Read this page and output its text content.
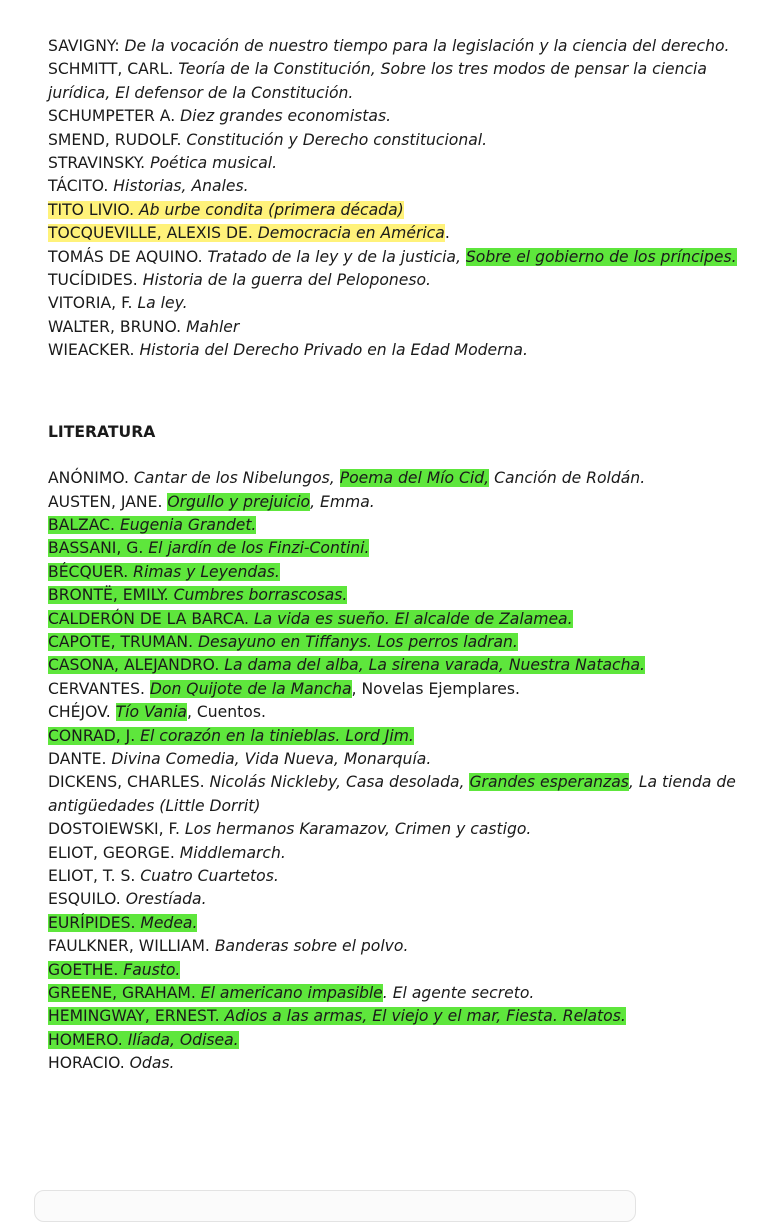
SAVIGNY: De la vocación de nuestro tiempo para la legislación y la ciencia del derecho.

SCHMITT, CARL. Teoría de la Constitución, Sobre los tres modos de pensar la ciencia jurídica, El defensor de la Constitución.

SCHUMPETER A. Diez grandes economistas.

SMEND, RUDOLF. Constitución y Derecho constitucional.

STRAVINSKY. Poética musical.

TÁCITO. Historias, Anales.

TITO LIVIO. Ab urbe condita (primera década)

TOCQUEVILLE, ALEXIS DE. Democracia en América.

TOMÁS DE AQUINO. Tratado de la ley y de la justicia, Sobre el gobierno de los príncipes.

TUCÍDIDES. Historia de la guerra del Peloponeso.

VITORIA, F. La ley.

WALTER, BRUNO. Mahler

WIEACKER. Historia del Derecho Privado en la Edad Moderna.

LITERATURA

ANÓNIMO. Cantar de los Nibelungos, Poema del Mío Cid, Canción de Roldán.

AUSTEN, JANE. Orgullo y prejuicio, Emma.

BALZAC. Eugenia Grandet.

BASSANI, G. El jardín de los Finzi-Contini.

BÉCQUER. Rimas y Leyendas.

BRONTË, EMILY. Cumbres borrascosas.

CALDERÓN DE LA BARCA. La vida es sueño. El alcalde de Zalamea.

CAPOTE, TRUMAN. Desayuno en Tiffanys. Los perros ladran.

CASONA, ALEJANDRO. La dama del alba, La sirena varada, Nuestra Natacha.

CERVANTES. Don Quijote de la Mancha, Novelas Ejemplares.

CHÉJOV. Tío Vania, Cuentos.

CONRAD, J. El corazón en la tinieblas. Lord Jim.

DANTE. Divina Comedia, Vida Nueva, Monarquía.

DICKENS, CHARLES. Nicolás Nickleby, Casa desolada, Grandes esperanzas, La tienda de antigüedades (Little Dorrit)

DOSTOIEWSKI, F. Los hermanos Karamazov, Crimen y castigo.

ELIOT, GEORGE. Middlemarch.

ELIOT, T. S. Cuatro Cuartetos.

ESQUILO. Orestíada.

EURÍPIDES. Medea.

FAULKNER, WILLIAM. Banderas sobre el polvo.

GOETHE. Fausto.

GREENE, GRAHAM. El americano impasible. El agente secreto.

HEMINGWAY, ERNEST. Adios a las armas, El viejo y el mar, Fiesta. Relatos.

HOMERO. Ilíada, Odisea.

HORACIO. Odas.
